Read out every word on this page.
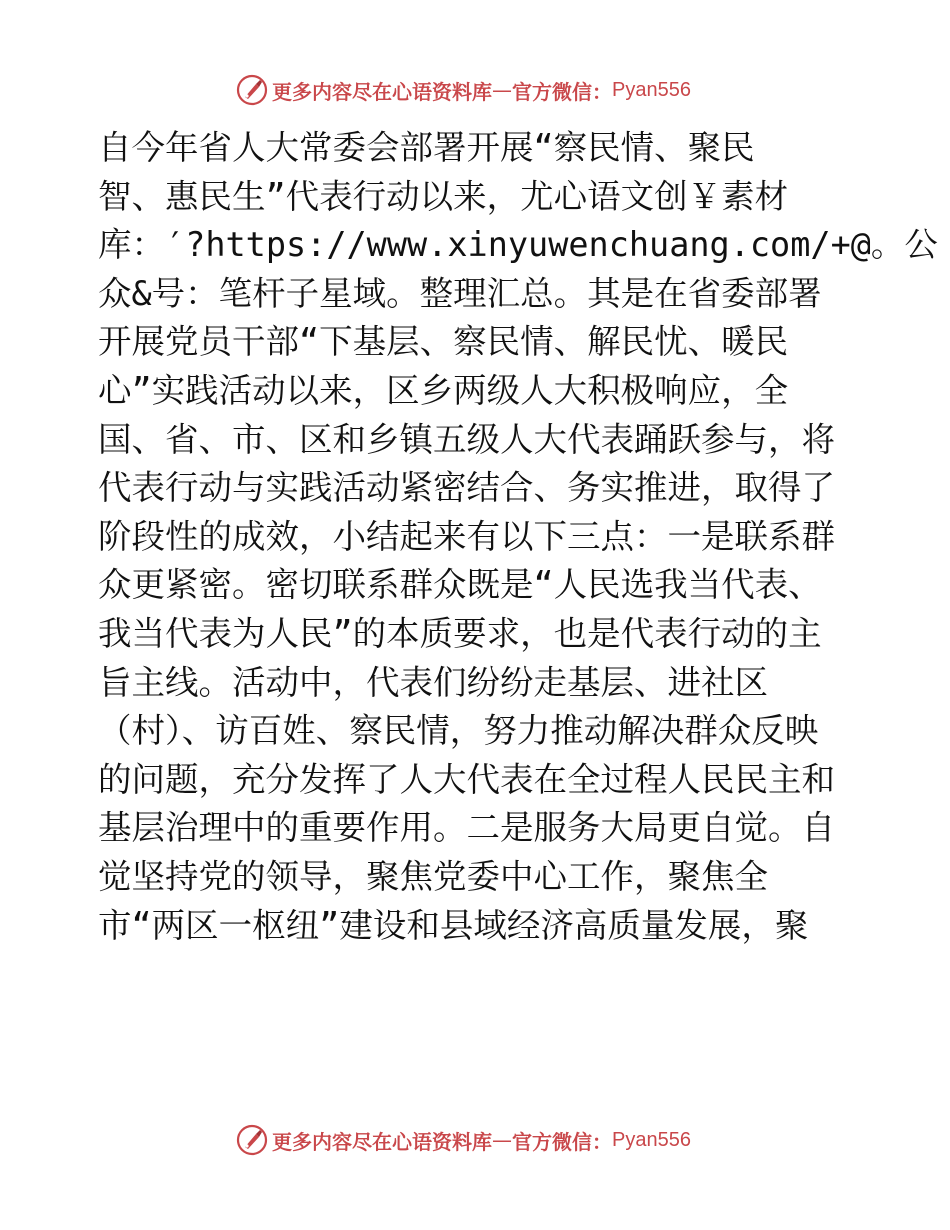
更多内容尽在心语资料库 — 官方微信： Pyan556
自今年省人大常委会部署开展“察民情、聚民
智、惠民生”代表行动以来，尤心语文创￥素材
库：′?https://www.xinyuwenchuang.com/+@。公
众&号：笔杆子星域。整理汇总。其是在省委部署
开展党员干部“下基层、察民情、解民忧、暖民
心”实践活动以来，区乡两级人大积极响应，全
国、省、市、区和乡镇五级人大代表踊跃参与，将
代表行动与实践活动紧密结合、务实推进，取得了
阶段性的成效，小结起来有以下三点：一是联系群
众更紧密。密切联系群众既是“人民选我当代表、
我当代表为人民”的本质要求，也是代表行动的主
旨主线。活动中，代表们纷纷走基层、进社区
（村）、访百姓、察民情，努力推动解决群众反映
的问题，充分发挥了人大代表在全过程人民民主和
基层治理中的重要作用。二是服务大局更自觉。自
觉坚持党的领导，聚焦党委中心工作，聚焦全
市“两区一枢纽”建设和县域经济高质量发展，聚
更多内容尽在心语资料库 — 官方微信： Pyan556
